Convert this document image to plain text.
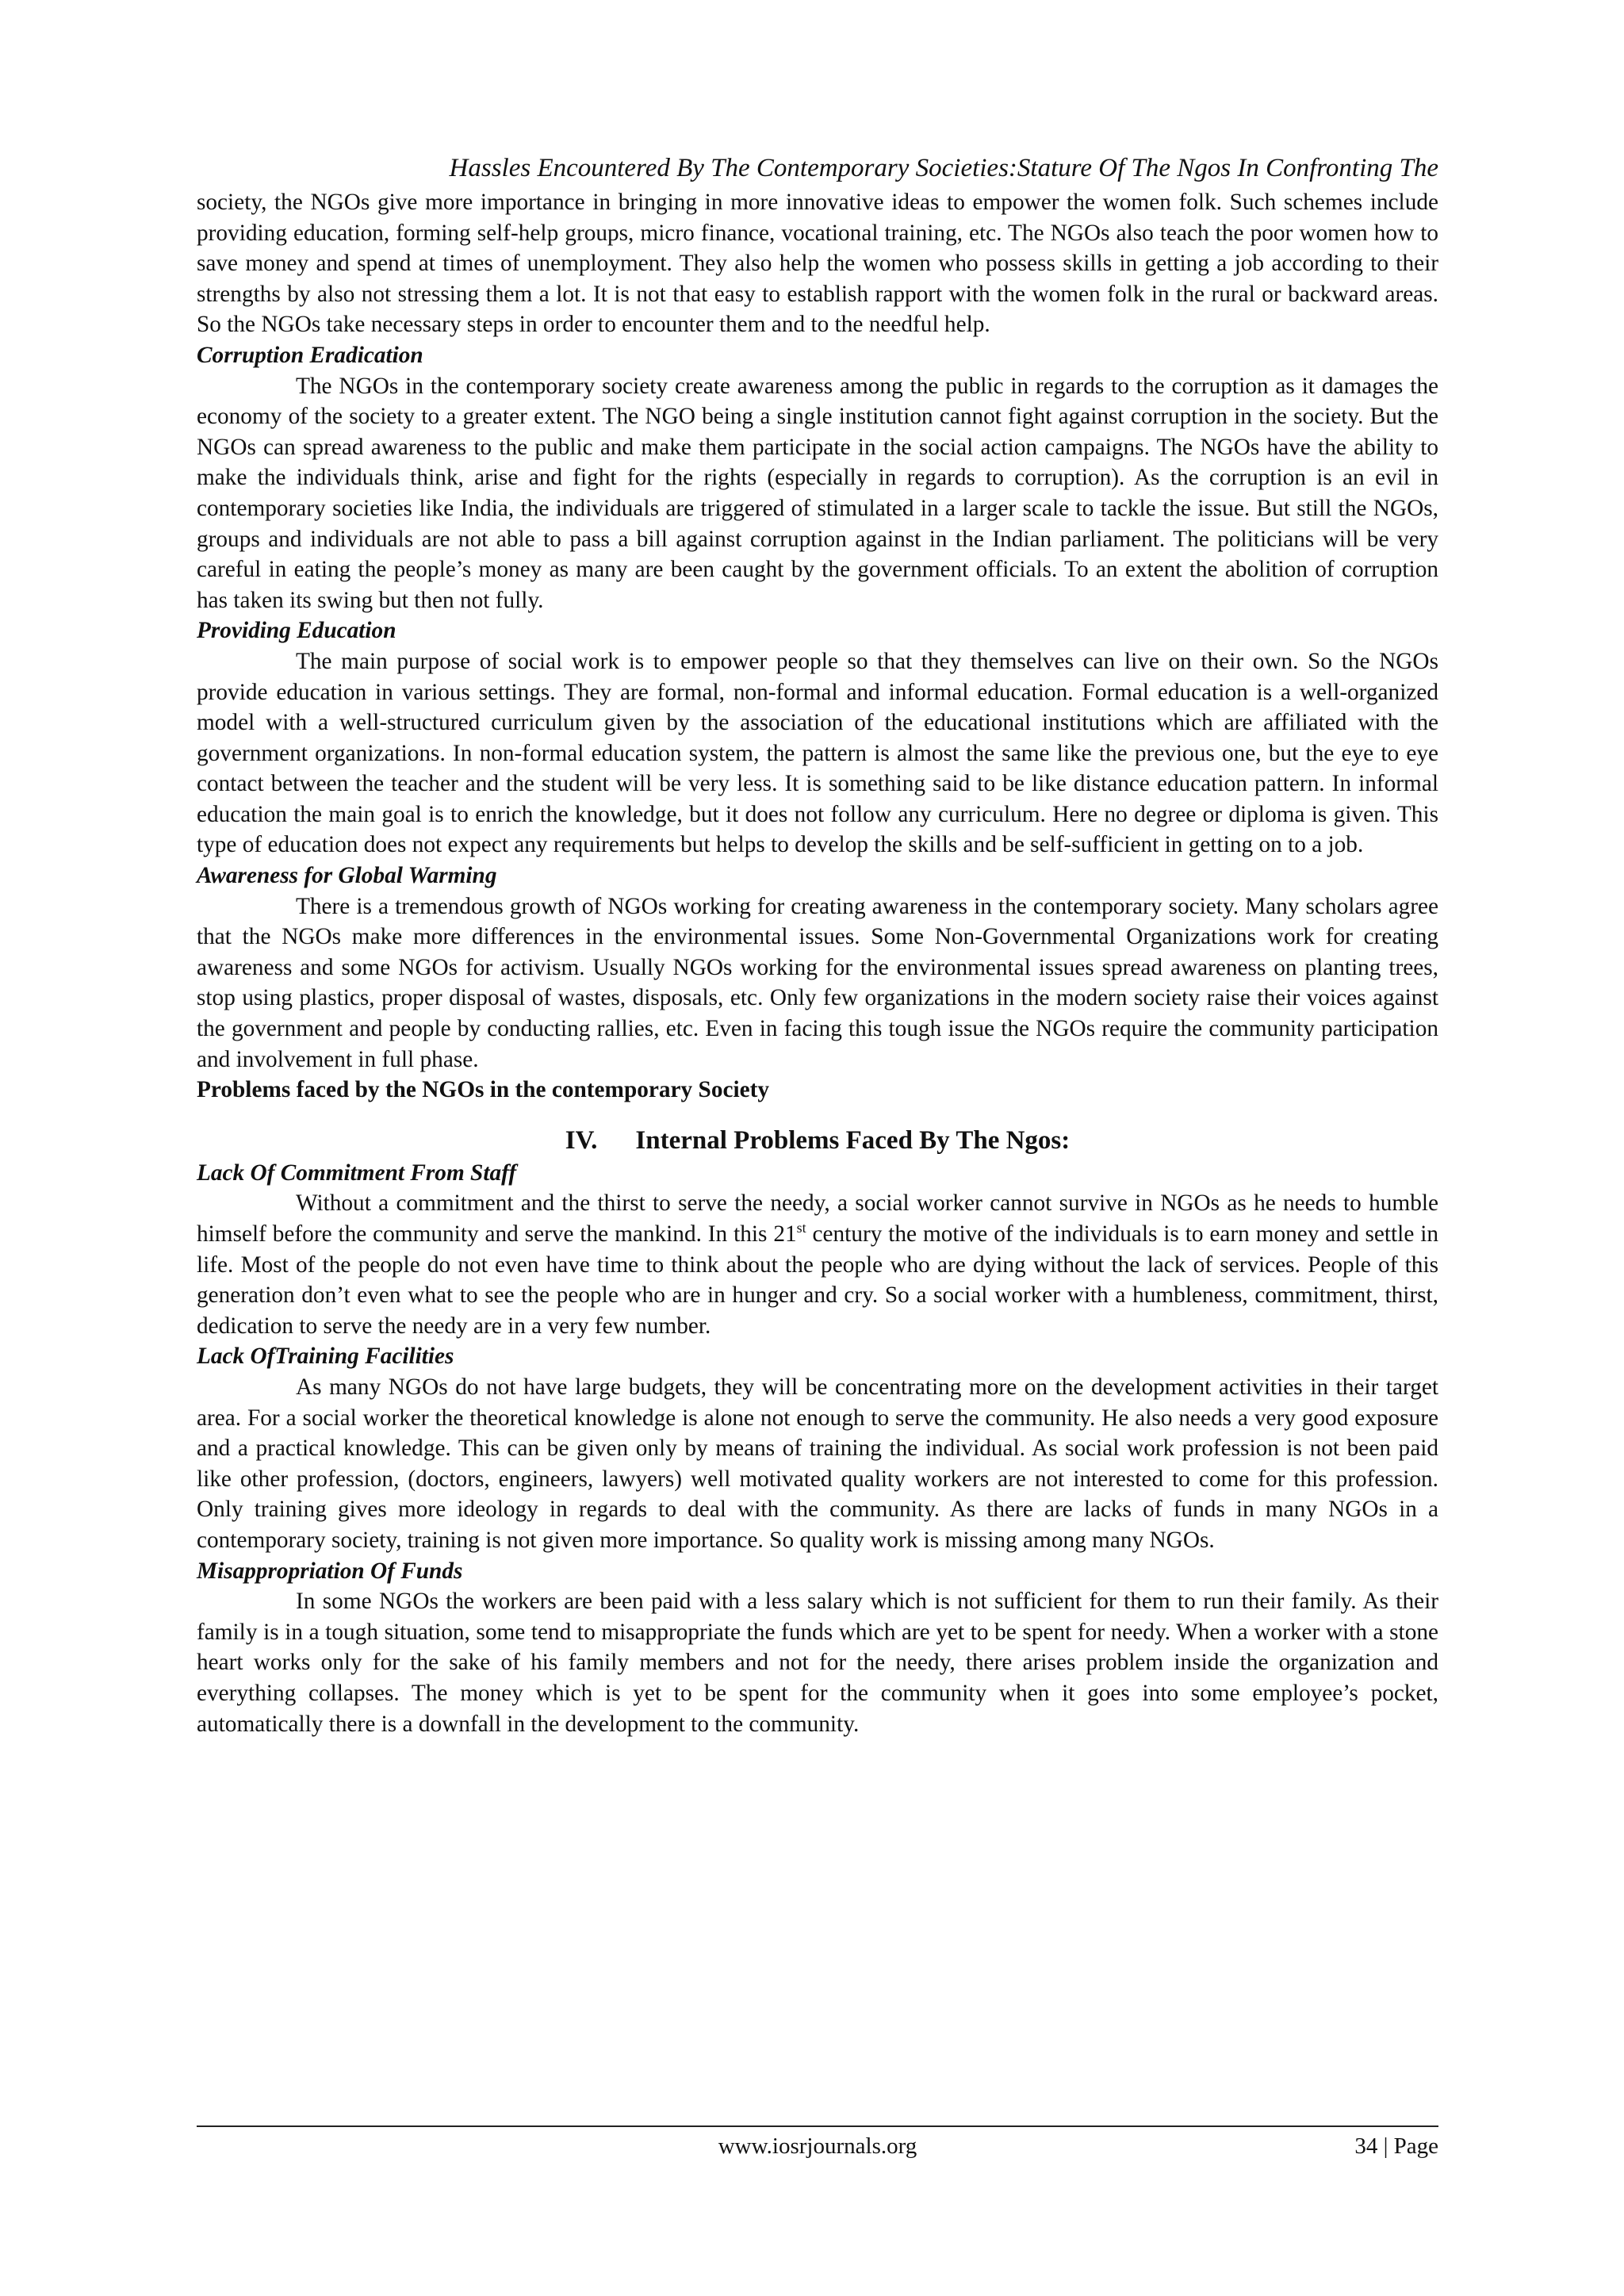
Hassles Encountered By The Contemporary Societies:Stature Of The Ngos In Confronting The

society, the NGOs give more importance in bringing in more innovative ideas to empower the women folk. Such schemes include providing education, forming self-help groups, micro finance, vocational training, etc. The NGOs also teach the poor women how to save money and spend at times of unemployment. They also help the women who possess skills in getting a job according to their strengths by also not stressing them a lot. It is not that easy to establish rapport with the women folk in the rural or backward areas. So the NGOs take necessary steps in order to encounter them and to the needful help.

Corruption Eradication

The NGOs in the contemporary society create awareness among the public in regards to the corruption as it damages the economy of the society to a greater extent. The NGO being a single institution cannot fight against corruption in the society. But the NGOs can spread awareness to the public and make them participate in the social action campaigns. The NGOs have the ability to make the individuals think, arise and fight for the rights (especially in regards to corruption). As the corruption is an evil in contemporary societies like India, the individuals are triggered of stimulated in a larger scale to tackle the issue. But still the NGOs, groups and individuals are not able to pass a bill against corruption against in the Indian parliament. The politicians will be very careful in eating the people’s money as many are been caught by the government officials. To an extent the abolition of corruption has taken its swing but then not fully.

Providing Education

The main purpose of social work is to empower people so that they themselves can live on their own. So the NGOs provide education in various settings. They are formal, non-formal and informal education. Formal education is a well-organized model with a well-structured curriculum given by the association of the educational institutions which are affiliated with the government organizations. In non-formal education system, the pattern is almost the same like the previous one, but the eye to eye contact between the teacher and the student will be very less. It is something said to be like distance education pattern. In informal education the main goal is to enrich the knowledge, but it does not follow any curriculum. Here no degree or diploma is given. This type of education does not expect any requirements but helps to develop the skills and be self-sufficient in getting on to a job.

Awareness for Global Warming

There is a tremendous growth of NGOs working for creating awareness in the contemporary society. Many scholars agree that the NGOs make more differences in the environmental issues. Some Non-Governmental Organizations work for creating awareness and some NGOs for activism. Usually NGOs working for the environmental issues spread awareness on planting trees, stop using plastics, proper disposal of wastes, disposals, etc. Only few organizations in the modern society raise their voices against the government and people by conducting rallies, etc. Even in facing this tough issue the NGOs require the community participation and involvement in full phase.

Problems faced by the NGOs in the contemporary Society
IV. Internal Problems Faced By The Ngos:
Lack Of Commitment From Staff

Without a commitment and the thirst to serve the needy, a social worker cannot survive in NGOs as he needs to humble himself before the community and serve the mankind. In this 21st century the motive of the individuals is to earn money and settle in life. Most of the people do not even have time to think about the people who are dying without the lack of services. People of this generation don’t even what to see the people who are in hunger and cry. So a social worker with a humbleness, commitment, thirst, dedication to serve the needy are in a very few number.

Lack OfTraining Facilities

As many NGOs do not have large budgets, they will be concentrating more on the development activities in their target area. For a social worker the theoretical knowledge is alone not enough to serve the community. He also needs a very good exposure and a practical knowledge. This can be given only by means of training the individual. As social work profession is not been paid like other profession, (doctors, engineers, lawyers) well motivated quality workers are not interested to come for this profession. Only training gives more ideology in regards to deal with the community. As there are lacks of funds in many NGOs in a contemporary society, training is not given more importance. So quality work is missing among many NGOs.

Misappropriation Of Funds

In some NGOs the workers are been paid with a less salary which is not sufficient for them to run their family. As their family is in a tough situation, some tend to misappropriate the funds which are yet to be spent for needy. When a worker with a stone heart works only for the sake of his family members and not for the needy, there arises problem inside the organization and everything collapses. The money which is yet to be spent for the community when it goes into some employee’s pocket, automatically there is a downfall in the development to the community.

www.iosrjournals.org	34 | Page
